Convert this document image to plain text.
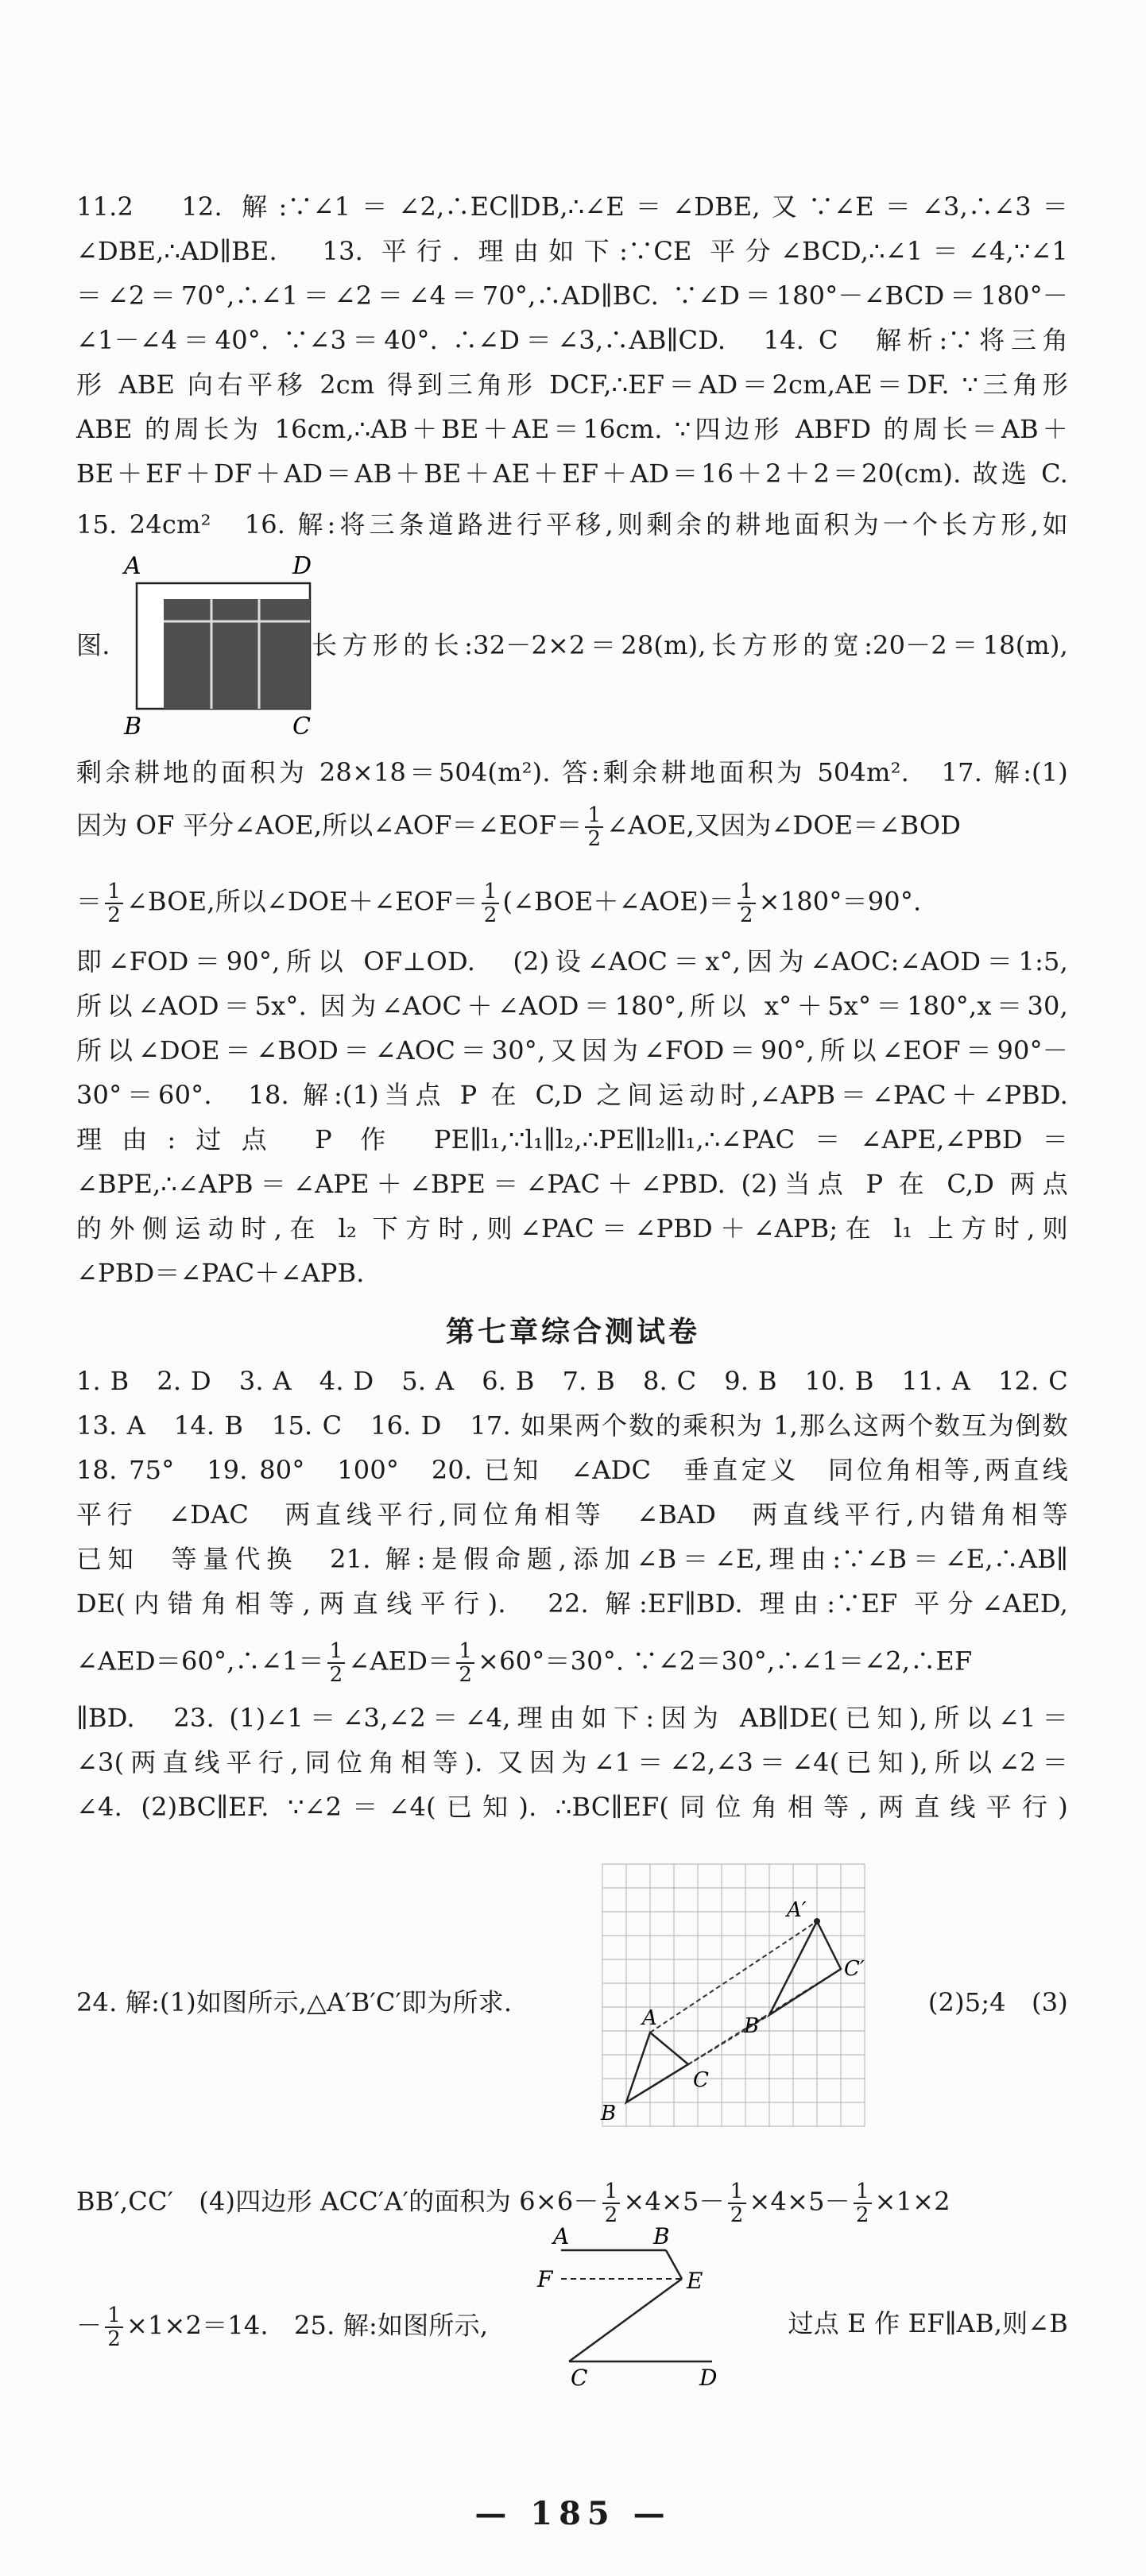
11.2　12. 解:∵∠1＝∠2,∴EC∥DB,∴∠E＝∠DBE,又∵∠E＝∠3,∴∠3＝
∠DBE,∴AD∥BE.　13. 平行. 理由如下:∵CE 平分∠BCD,∴∠1＝∠4,∵∠1
＝∠2＝70°,∴∠1＝∠2＝∠4＝70°,∴AD∥BC. ∵∠D＝180°－∠BCD＝180°－
∠1－∠4＝40°. ∵∠3＝40°. ∴∠D＝∠3,∴AB∥CD.　14. C　解析:∵将三角
形 ABE 向右平移 2cm 得到三角形 DCF,∴EF＝AD＝2cm,AE＝DF. ∵三角形
ABE 的周长为 16cm,∴AB＋BE＋AE＝16cm. ∵四边形 ABFD 的周长＝AB＋
BE＋EF＋DF＋AD＝AB＋BE＋AE＋EF＋AD＝16＋2＋2＝20(cm). 故选 C.
15. 24cm²　16. 解:将三条道路进行平移,则剩余的耕地面积为一个长方形,如
图.
A	D
B	C
长方形的长:32－2×2＝28(m),长方形的宽:20－2＝18(m),
剩余耕地的面积为 28×18＝504(m²). 答:剩余耕地面积为 504m².　17. 解:(1)
因为 OF 平分∠AOE,所以∠AOF＝∠EOF＝ $\frac{1}{2}$ ∠AOE,又因为∠DOE＝∠BOD
＝ $\frac{1}{2}$ ∠BOE,所以∠DOE＋∠EOF＝ $\frac{1}{2}$ (∠BOE＋∠AOE)＝ $\frac{1}{2} \times 180^\circ=90^\circ$.
即∠FOD＝90°,所以 OF⊥OD.　(2)设∠AOC＝x°,因为∠AOC:∠AOD＝1:5,
所以∠AOD＝5x°. 因为∠AOC＋∠AOD＝180°,所以 x°＋5x°＝180°,x＝30,
所以∠DOE＝∠BOD＝∠AOC＝30°,又因为∠FOD＝90°,所以∠EOF＝90°－
30°＝60°.　18. 解:(1)当点 P 在 C,D 之间运动时,∠APB＝∠PAC＋∠PBD.
理由:过点 P 作 PE∥l₁,∵l₁∥l₂,∴PE∥l₂∥l₁,∴∠PAC＝∠APE,∠PBD＝
∠BPE,∴∠APB＝∠APE＋∠BPE＝∠PAC＋∠PBD. (2)当点 P 在 C,D 两点
的外侧运动时,在 l₂ 下方时,则∠PAC＝∠PBD＋∠APB;在 l₁ 上方时,则
∠PBD＝∠PAC＋∠APB.
第七章综合测试卷
1. B　2. D　3. A　4. D　5. A　6. B　7. B　8. C　9. B　10. B　11. A　12. C
13. A　14. B　15. C　16. D　17. 如果两个数的乘积为 1,那么这两个数互为倒数
18. 75°　19. 80°　100°　20. 已知　∠ADC　垂直定义　同位角相等,两直线
平行　∠DAC　两直线平行,同位角相等　∠BAD　两直线平行,内错角相等
已知　等量代换　21. 解:是假命题,添加∠B＝∠E,理由:∵∠B＝∠E,∴AB∥
DE(内错角相等,两直线平行).　22. 解:EF∥BD. 理由:∵EF 平分∠AED,
∠AED＝60°,∴∠1＝ $\frac{1}{2}$ ∠AED＝ $\frac{1}{2} \times 60^\circ=30^\circ$. ∵∠2＝30°,∴∠1＝∠2,∴EF
∥BD.　23. (1)∠1＝∠3,∠2＝∠4,理由如下:因为 AB∥DE(已知),所以∠1＝
∠3(两直线平行,同位角相等). 又因为∠1＝∠2,∠3＝∠4(已知),所以∠2＝
∠4. (2)BC∥EF. ∵∠2＝∠4(已知). ∴BC∥EF(同位角相等,两直线平行)
24. 解:(1)如图所示,△A′B′C′即为所求.
B
A
C
B′
A′
C′
(2)5;4　(3)
BB′,CC′　(4)四边形 ACC′A′的面积为 $6\times 6- \frac{1}{2} \times 4\times 5- \frac{1}{2} \times 4\times 5- \frac{1}{2} \times 1\times 2$
－ $\frac{1}{2} \times 1\times 2=14$.　25. 解:如图所示,
A	B
F	E
C	D
过点 E 作 EF∥AB,则∠B
— 185 —
